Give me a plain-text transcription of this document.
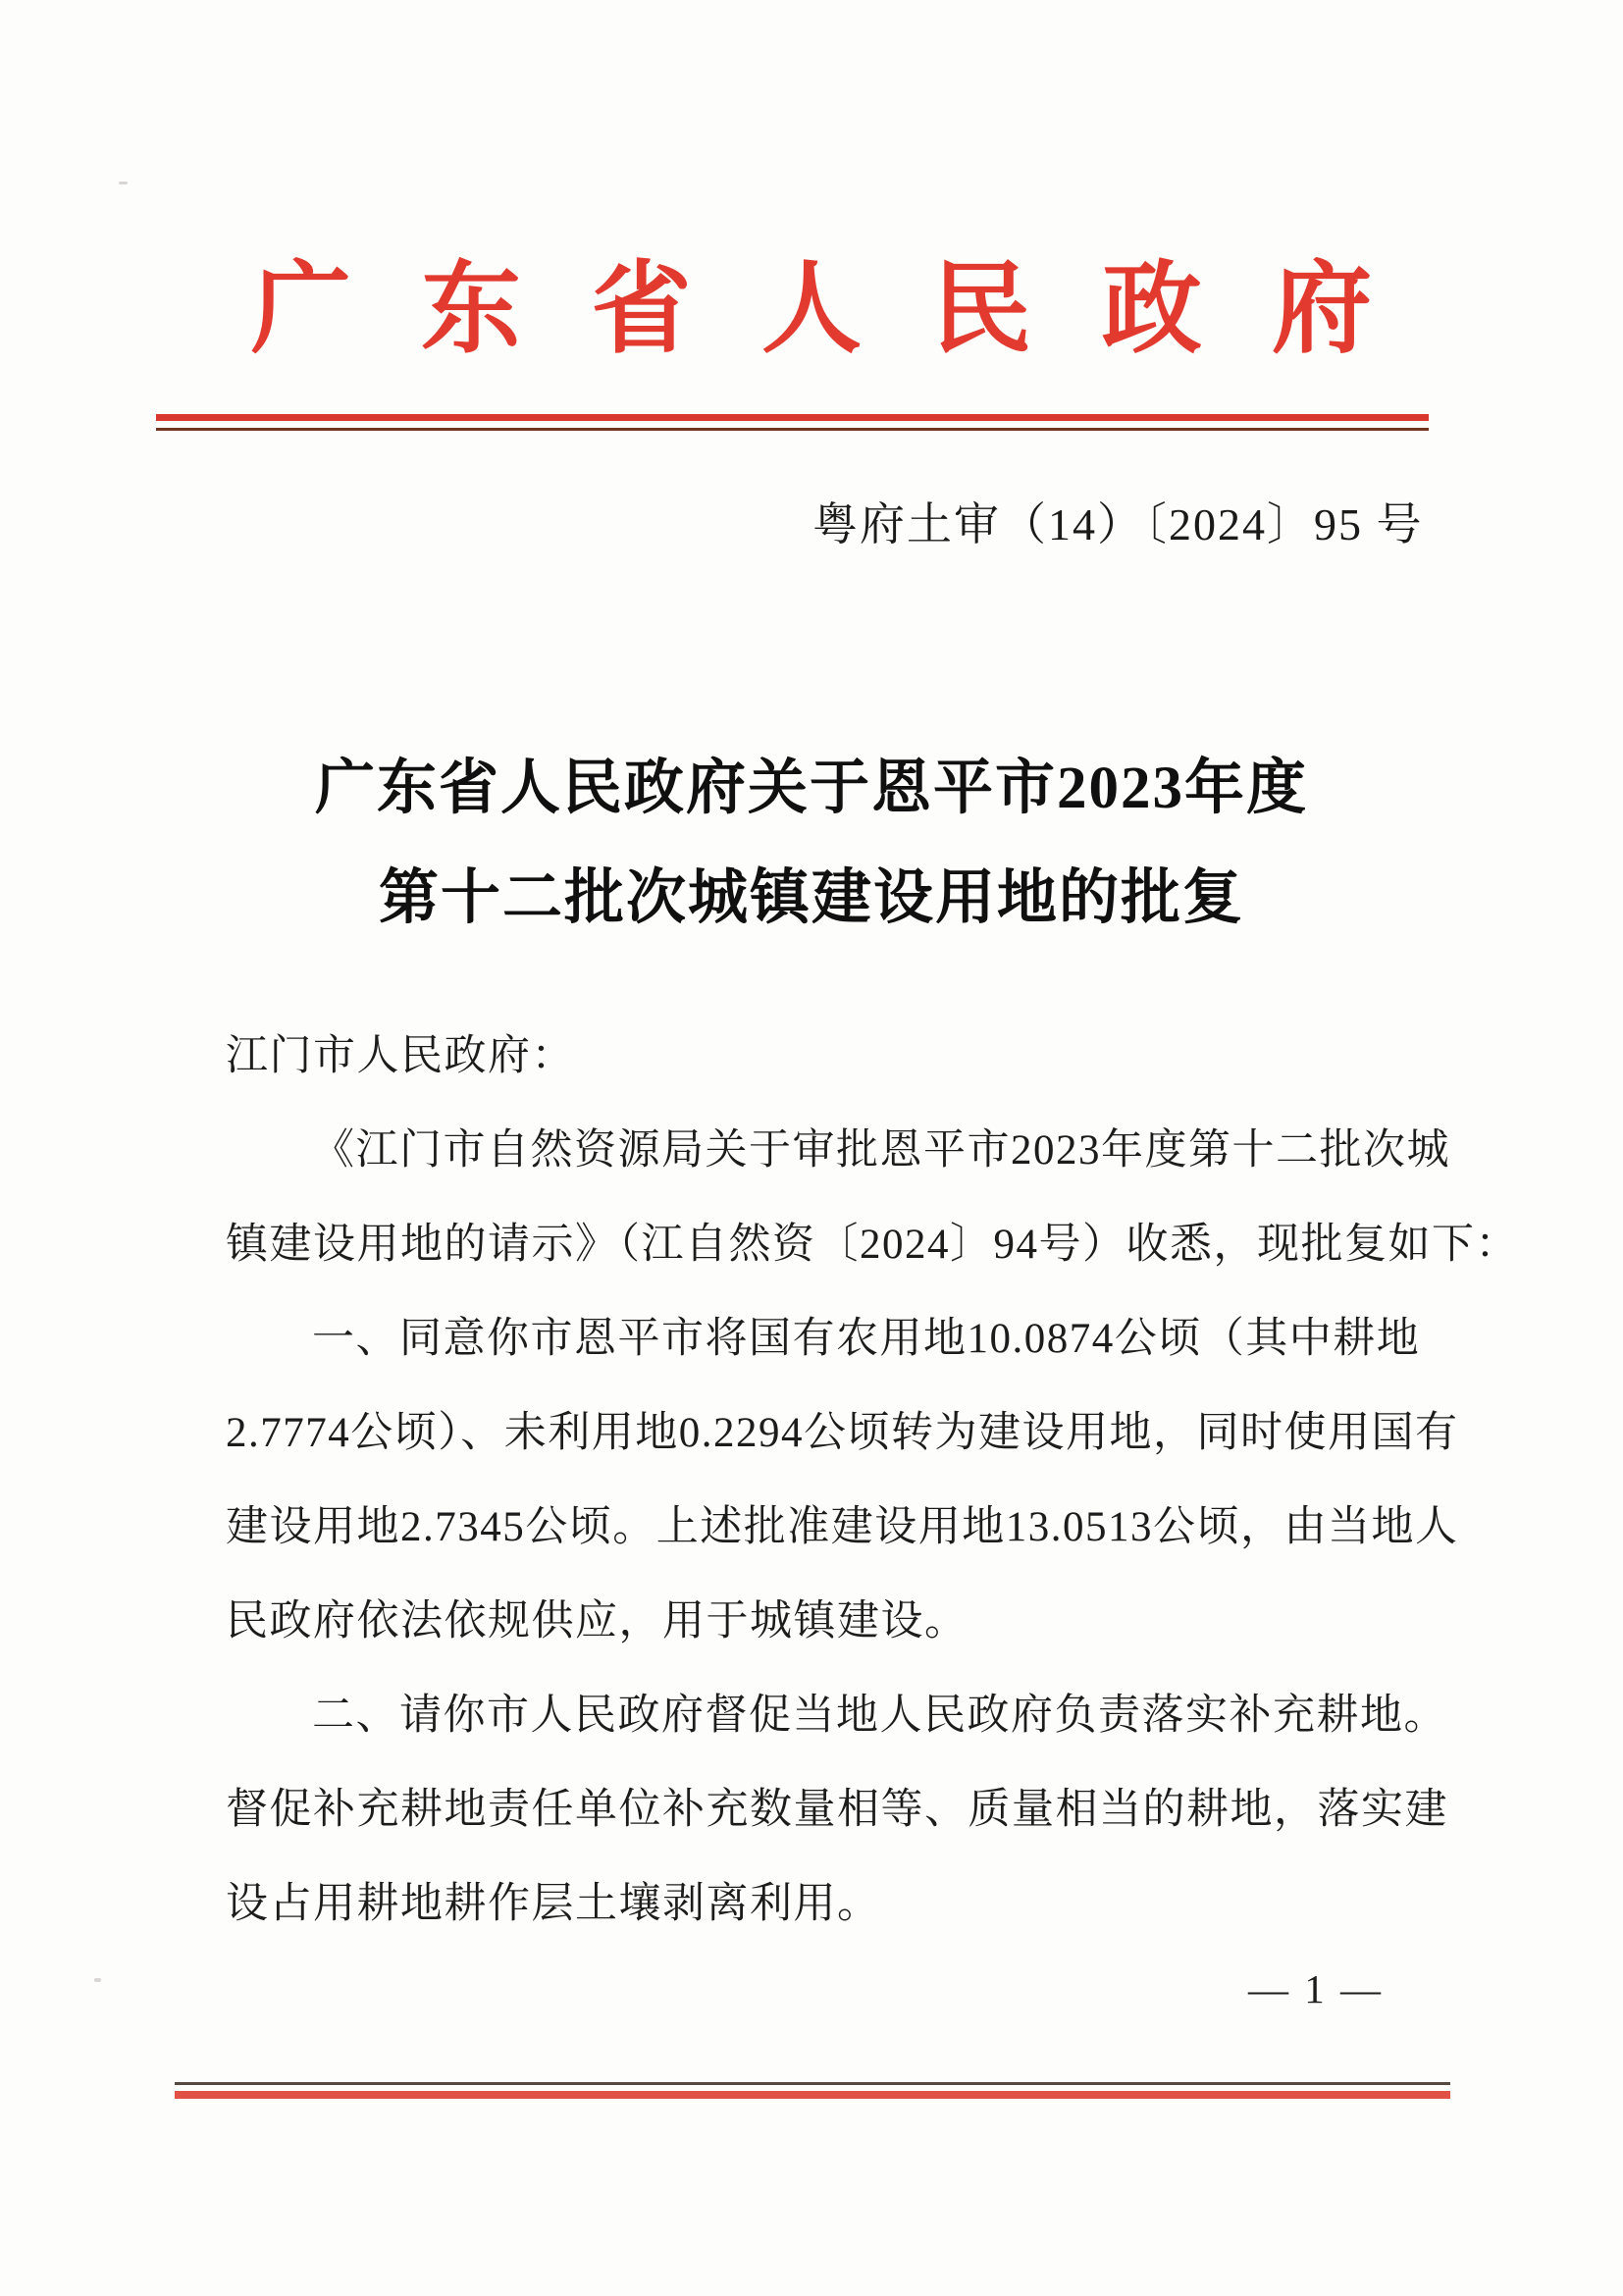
广东省人民政府
粤府土审（14）〔2024〕95 号
广东省人民政府关于恩平市2023年度
第十二批次城镇建设用地的批复
江门市人民政府：
《江门市自然资源局关于审批恩平市2023年度第十二批次城
镇建设用地的请示》（江自然资〔2024〕94号）收悉，现批复如下：
一、同意你市恩平市将国有农用地10.0874公顷（其中耕地
2.7774公顷）、未利用地0.2294公顷转为建设用地，同时使用国有
建设用地2.7345公顷。上述批准建设用地13.0513公顷，由当地人
民政府依法依规供应，用于城镇建设。
二、请你市人民政府督促当地人民政府负责落实补充耕地。
督促补充耕地责任单位补充数量相等、质量相当的耕地，落实建
设占用耕地耕作层土壤剥离利用。
— 1 —
